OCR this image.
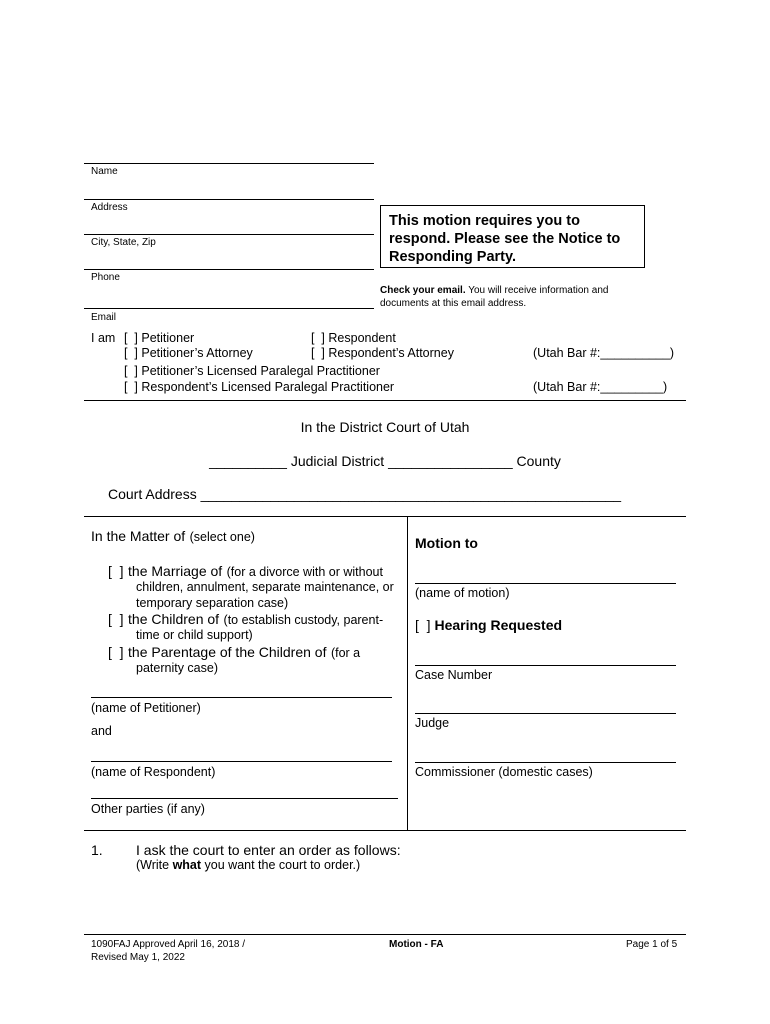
Name
Address
City, State, Zip
Phone
Email
This motion requires you to respond. Please see the Notice to Responding Party.
Check your email. You will receive information and documents at this email address.
I am [  ] Petitioner	[  ] Respondent
[  ] Petitioner’s Attorney	[  ] Respondent’s Attorney	(Utah Bar #:__________)
[  ] Petitioner’s Licensed Paralegal Practitioner
[  ] Respondent’s Licensed Paralegal Practitioner	(Utah Bar #:_________)
In the District Court of Utah
__________ Judicial District ________________ County
Court Address ______________________________________________________
In the Matter of (select one)
[  ] the Marriage of (for a divorce with or without
children, annulment, separate maintenance, or
temporary separation case)
[  ] the Children of (to establish custody, parent-
time or child support)
[  ] the Parentage of the Children of (for a
paternity case)
(name of Petitioner)
and
(name of Respondent)
Other parties (if any)
Motion to
(name of motion)
[  ] Hearing Requested
Case Number
Judge
Commissioner (domestic cases)
1. I ask the court to enter an order as follows:
(Write what you want the court to order.)
1090FAJ Approved April 16, 2018 /
Revised May 1, 2022
Motion - FA	Page 1 of 5
